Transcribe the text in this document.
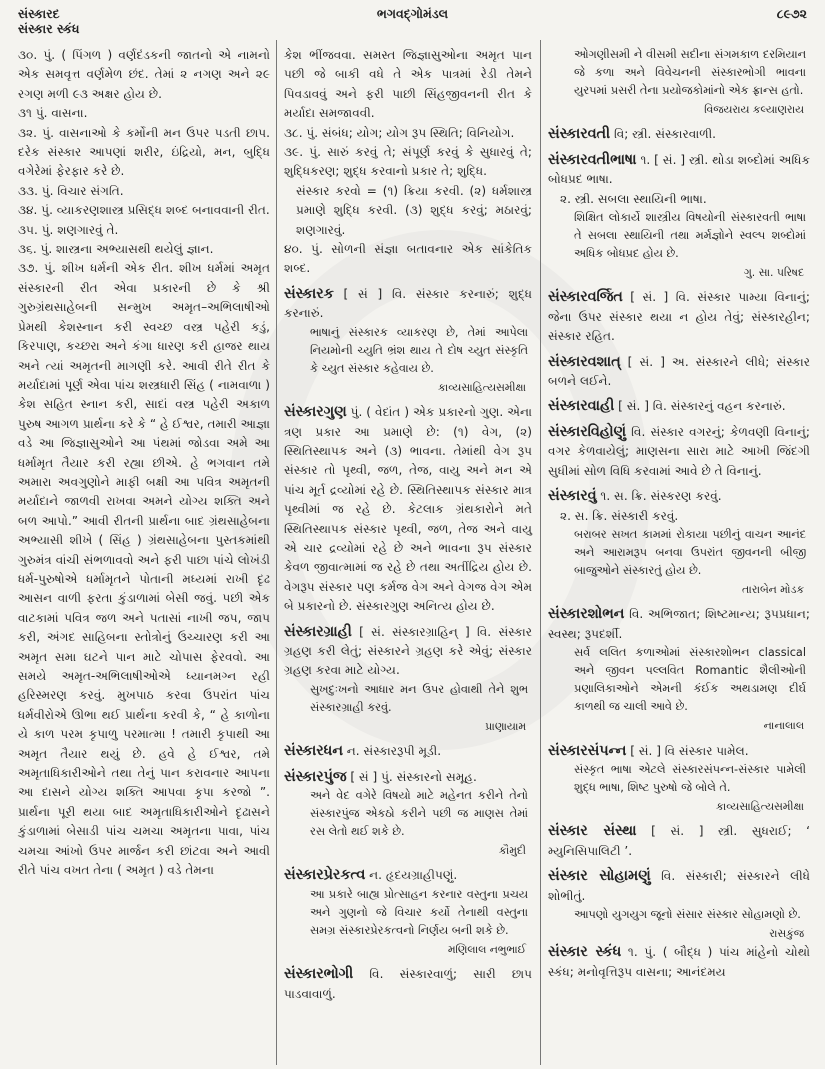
સંસ્કારદ
સંસ્કાર સ્કંધ
ભગવદ્ગોમંડલ	૮૯૭૨

૩૦. પું. ( પિંગળ ) વર્ણદંડકની જાતનો એ નામનો એક સમવૃત્ત વર્ણમેળ છંદ. તેમાં ૨ નગણ અને ૨૯ રગણ મળી ૯૩ અક્ષર હોય છે.

૩૧ પું. વાસના.

૩૨. પું. વાસનાઓ કે કર્મોની મન ઉપર પડતી છાપ. દરેક સંસ્કાર આપણાં શરીર, ઇંદ્રિયો, મન, બુદ્ધિ વગેરેમાં ફેરફાર કરે છે.

૩૩. પું. વિચાર સંગતિ.

૩૪. પું. વ્યાકરણશાસ્ત્ર પ્રસિદ્ધ શબ્દ બનાવવાની રીત.

૩૫. પું. શણગારવું તે.

૩૬. પું. શાસ્ત્રના અભ્યાસથી થયેલું જ્ઞાન.

૩૭. પું. શીખ ધર્મની એક રીત. શીખ ધર્મમાં અમૃત સંસ્કારની રીત એવા પ્રકારની છે કે શ્રી ગુરુગ્રંથસાહેબની સન્મુખ અમૃત–અભિલાષીઓ પ્રેમથી કેશસ્નાન કરી સ્વચ્છ વસ્ત્ર પહેરી કડું, કિરપાણ, કચ્છરા અને કંગા ધારણ કરી હાજર થાય અને ત્યાં અમૃતની માગણી કરે. આવી રીતે રીત કે મર્યાદામાં પૂર્ણ એવા પાંચ શસ્ત્રધારી સિંહ ( નામવાળા ) કેશ સહિત સ્નાન કરી, સાદાં વસ્ત્ર પહેરી અકાળ પુરુષ આગળ પ્રાર્થના કરે કે “ હે ઈશ્વર, તમારી આજ્ઞા વડે આ જિજ્ઞાસુઓને આ પંથમાં જોડવા અમે આ ધર્મામૃત તૈયાર કરી રહ્યા છીએ. હે ભગવાન તમે અમારા અવગુણોને માફી બક્ષી આ પવિત્ર અમૃતની મર્યાદાને જાળવી રાખવા અમને યોગ્ય શક્તિ અને બળ આપો.” આવી રીતની પ્રાર્થના બાદ ગ્રંથસાહેબના અભ્યાસી શીખે ( સિંહ ) ગ્રંથસાહેબના પુસ્તકમાંથી ગુરુમંત્ર વાંચી સંભળાવવો અને ફરી પાછા પાંચે લોખંડી ધર્મ-પુરુષોએ ધર્મામૃતને પોતાની મધ્યમાં રાખી દૃઢ આસન વાળી ફરતા કુંડાળામાં બેસી જવું. પછી એક વાટકામાં પવિત્ર જળ અને પતાસાં નાખી જપ, જાપ કરી, અંગદ સાહિબના સ્તોત્રોનું ઉચ્ચારણ કરી આ અમૃત સમા ઘટને પાન માટે ચોપાસ ફેરવવો. આ સમયે અમૃત-અભિલાષીઓએ ધ્યાનમગ્ન રહી હરિસ્મરણ કરવું. મુખપાઠ કરવા ઉપરાંત પાંચ ધર્મવીરોએ ઊભા થઈ પ્રાર્થના કરવી કે, “ હે કાળોના યે કાળ પરમ કૃપાળુ પરમાત્મા ! તમારી કૃપાથી આ અમૃત તૈયાર થયું છે. હવે હે ઈશ્વર, તમે અમૃતાધિકારીઓને તથા તેનું પાન કરાવનાર આપના આ દાસને યોગ્ય શક્તિ આપવા કૃપા કરજો ”. પ્રાર્થના પૂરી થયા બાદ અમૃતાધિકારીઓને દૃઢાસને કુંડાળામાં બેસાડી પાંચ ચમચા અમૃતના પાવા, પાંચ ચમચા આંખો ઉપર માર્જન કરી છાંટવા અને આવી રીતે પાંચ વખત તેના ( અમૃત ) વડે તેમના

કેશ ભીંજવવા. સમસ્ત જિજ્ઞાસુઓના અમૃત પાન પછી જે બાકી વધે તે એક પાત્રમાં રેડી તેમને પિવડાવવું અને ફરી પાછી સિંહજીવનની રીત કે મર્યાદા સમજાવવી.

૩૮. પું. સંબંધ; યોગ; યોગ રૂપ સ્થિતિ; વિનિયોગ.

૩૯. પું. સારું કરવું તે; સંપૂર્ણ કરવું કે સુધારવું તે; શુદ્ધિકરણ; શુદ્ધ કરવાનો પ્રકાર તે; શુદ્ધિ.

સંસ્કાર કરવો = (૧) ક્રિયા કરવી. (૨) ધર્મશાસ્ત્ર પ્રમાણે શુદ્ધિ કરવી. (૩) શુદ્ધ કરવું; મઠારવું; શણગારવું.

૪૦. પું. સોળની સંજ્ઞા બતાવનાર એક સાંકેતિક શબ્દ.

સંસ્કારક [ સં ] વિ. સંસ્કાર કરનારું; શુદ્ધ કરનારું.

ભાષાનું સંસ્કારક વ્યાકરણ છે, તેમાં આપેલા નિયમોની ચ્યુતિ ભ્રંશ થાય તે દોષ ચ્યુત સંસ્કૃતિ કે ચ્યુત સંસ્કાર કહેવાય છે.

કાવ્યસાહિત્યસમીક્ષા

સંસ્કારગુણ પું. ( વેદાંત ) એક પ્રકારનો ગુણ. એના ત્રણ પ્રકાર આ પ્રમાણે છે: (૧) વેગ, (૨) સ્થિતિસ્થાપક અને (૩) ભાવના. તેમાંથી વેગ રૂપ સંસ્કાર તો પૃથ્વી, જળ, તેજ, વાયુ અને મન એ પાંચ મૂર્ત દ્રવ્યોમાં રહે છે. સ્થિતિસ્થાપક સંસ્કાર માત્ર પૃથ્વીમાં જ રહે છે. કેટલાક ગ્રંથકારોને મતે સ્થિતિસ્થાપક સંસ્કાર પૃથ્વી, જળ, તેજ અને વાયુ એ ચાર દ્રવ્યોમાં રહે છે અને ભાવના રૂપ સંસ્કાર કેવળ જીવાત્મામાં જ રહે છે તથા અતીંદ્રિય હોય છે. વેગરૂપ સંસ્કાર પણ કર્મજ વેગ અને વેગજ વેગ એમ બે પ્રકારનો છે. સંસ્કારગુણ અનિત્ય હોય છે.

સંસ્કારગ્રાહી [ સં. સંસ્કારગ્રાહિન્ ] વિ. સંસ્કાર ગ્રહણ કરી લેતું; સંસ્કારને ગ્રહણ કરે એવું; સંસ્કાર ગ્રહણ કરવા માટે યોગ્ય.

સુખદુઃખનો આધાર મન ઉપર હોવાથી તેને શુભ સંસ્કારગ્રાહી કરવું.

પ્રાણાયામ

સંસ્કારધન ન. સંસ્કારરૂપી મૂડી.

સંસ્કારપુંજ [ સં ] પું. સંસ્કારનો સમૂહ.

અને વેદ વગેરે વિષયો માટે મહેનત કરીને તેનો સંસ્કારપુંજ એકઠો કરીને પછી જ માણસ તેમાં રસ લેતો થઈ શકે છે.

કૌમુદી

સંસ્કારપ્રેરકત્વ ન. હૃદયગ્રાહીપણું.

આ પ્રકારે બાહ્ય પ્રોત્સાહન કરનાર વસ્તુના પ્રચય અને ગુણનો જે વિચાર કર્યો તેનાથી વસ્તુના સમગ્ર સંસ્કારપ્રેરકત્વનો નિર્ણય બની શકે છે.

મણિલાલ નભુભાઈ

સંસ્કારભોગી વિ. સંસ્કારવાળું; સારી છાપ પાડવાવાળું.

ઓગણીસમી ને વીસમી સદીના સંગમકાળ દરમિયાન જે કળા અને વિવેચનની સંસ્કારભોગી ભાવના યુરપમાં પ્રસરી તેના પ્રયોજકોમાંનો એક ફ્રાન્સ હતો.

વિજયરાય કલ્યાણરાય

સંસ્કારવતી વિ; સ્ત્રી. સંસ્કારવાળી.

સંસ્કારવતીભાષા ૧. [ સં. ] સ્ત્રી. થોડા શબ્દોમાં અધિક બોધપ્રદ ભાષા.

૨. સ્ત્રી. સબલા સ્થાયિની ભાષા.

શિક્ષિત લોકાર્યે શાસ્ત્રીય વિષયોની સંસ્કારવતી ભાષા તે સબલા સ્થાયિની તથા મર્મજ્ઞોને સ્વલ્પ શબ્દોમાં અધિક બોધપ્રદ હોય છે.

ગુ. સા. પરિષદ

સંસ્કારવર્જિત [ સં. ] વિ. સંસ્કાર પામ્યા વિનાનું; જેના ઉપર સંસ્કાર થયા ન હોય તેવું; સંસ્કારહીન; સંસ્કાર રહિત.

સંસ્કારવશાત્ [ સં. ] અ. સંસ્કારને લીધે; સંસ્કાર બળને લઈને.

સંસ્કારવાહી [ સં. ] વિ. સંસ્કારનું વહન કરનારું.

સંસ્કારવિહોણું વિ. સંસ્કાર વગરનું; કેળવણી વિનાનું; વગર કેળવાયેલું; માણસના સારા માટે આખી જિંદગી સુધીમાં સોળ વિધિ કરવામાં આવે છે તે વિનાનું.

સંસ્કારવું ૧. સ. ક્રિ. સંસ્કરણ કરવું.

૨. સ. ક્રિ. સંસ્કારી કરવું.

બરાબર સખત કામમાં રોકાયા પછીનું વાચન આનંદ અને આરામરૂપ બનવા ઉપરાંત જીવનની બીજી બાજુઓને સંસ્કારતું હોય છે.

તારાબેન મોડક

સંસ્કારશોભન વિ. અભિજાત; શિષ્ટમાન્ય; રૂપપ્રધાન; સ્વસ્થ; રૂપદર્શી.

સર્વ લલિત કળાઓમાં સંસ્કારશોભન classical અને જીવન પલ્લવિત Romantic શૈલીઓની પ્રણાલિકાઓને એમની કંઈક અથડામણ દીર્ઘ કાળથી જ ચાલી આવે છે.

નાનાલાલ

સંસ્કારસંપન્ન [ સં. ] વિ સંસ્કાર પામેલ.

સંસ્કૃત ભાષા એટલે સંસ્કારસંપન્ન-સંસ્કાર પામેલી શુદ્ધ ભાષા, શિષ્ટ પુરુષો જે બોલે તે.

કાવ્યસાહિત્યસમીક્ષા

સંસ્કાર સંસ્થા [ સં. ] સ્ત્રી. સુધરાઈ; ‘ મ્યુનિસિપાલિટી ’.

સંસ્કાર સોહામણું વિ. સંસ્કારી; સંસ્કારને લીધે શોભીતું.

આપણો યુગયુગ જૂનો સંસાર સંસ્કાર સોહામણો છે.

રાસકુંજ

સંસ્કાર સ્કંધ ૧. પું. ( બૌદ્ધ ) પાંચ માંહેનો ચોથો સ્કંધ; મનોવૃત્તિરૂપ વાસના; આનંદમય
